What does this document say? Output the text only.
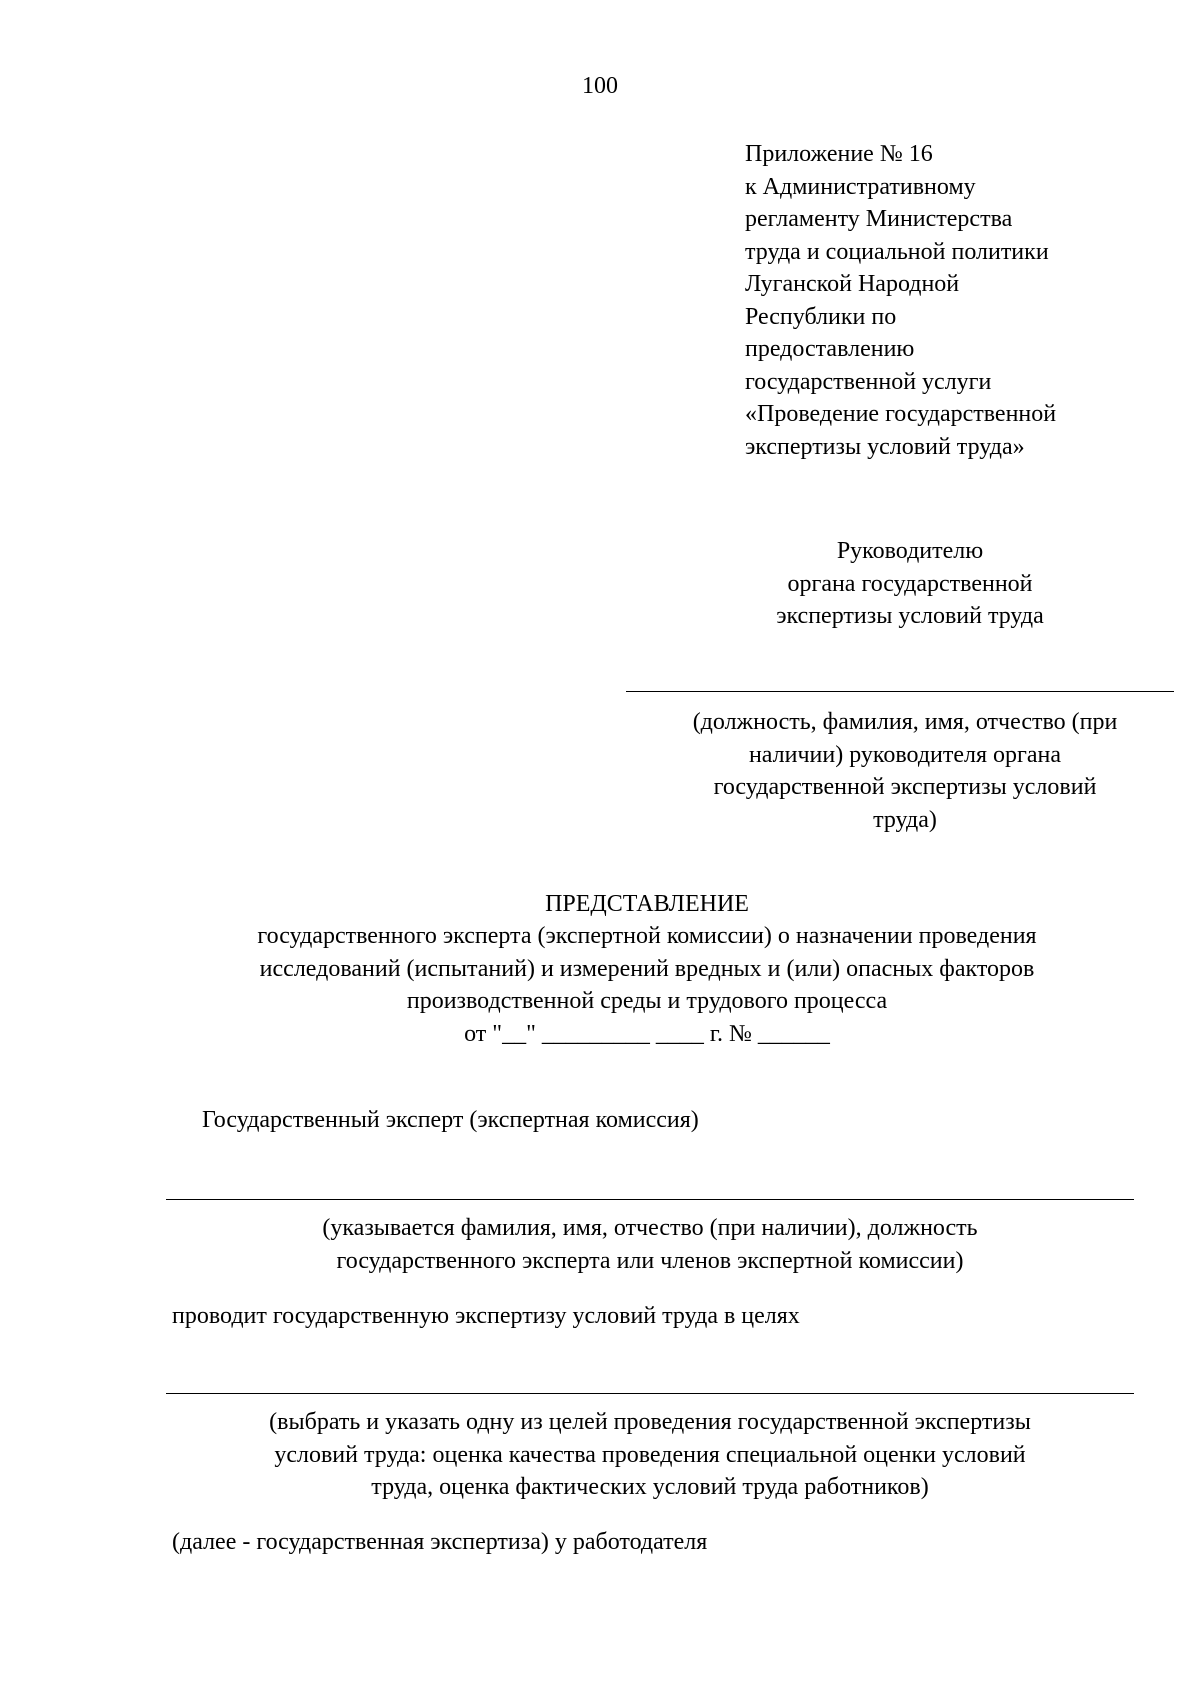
100
Приложение № 16
к Административному
регламенту Министерства
труда и социальной политики
Луганской Народной
Республики по
предоставлению
государственной услуги
«Проведение государственной
экспертизы условий труда»
Руководителю
органа государственной
экспертизы условий труда
(должность, фамилия, имя, отчество (при
наличии) руководителя органа
государственной экспертизы условий
труда)
ПРЕДСТАВЛЕНИЕ
государственного эксперта (экспертной комиссии) о назначении проведения
исследований (испытаний) и измерений вредных и (или) опасных факторов
производственной среды и трудового процесса
от "__" _________ ____ г. № ______
Государственный эксперт (экспертная комиссия)
(указывается фамилия, имя, отчество (при наличии), должность
государственного эксперта или членов экспертной комиссии)
проводит государственную экспертизу условий труда в целях
(выбрать и указать одну из целей проведения государственной экспертизы
условий труда: оценка качества проведения специальной оценки условий
труда, оценка фактических условий труда работников)
(далее - государственная экспертиза) у работодателя
